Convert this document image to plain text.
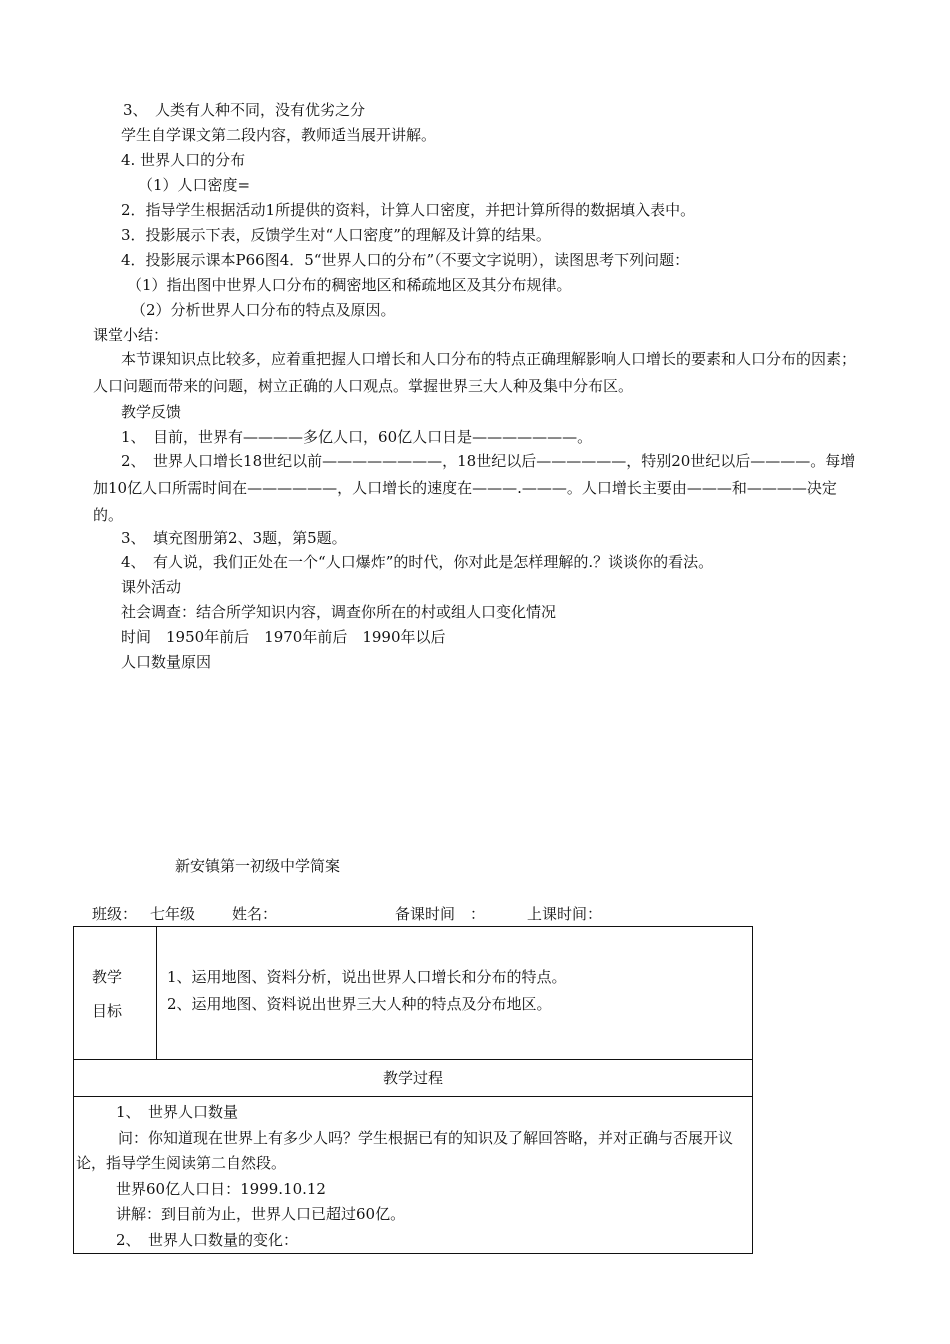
3、　人类有人种不同，没有优劣之分
学生自学课文第二段内容，教师适当展开讲解。
4. 世界人口的分布
（1）人口密度=
2．指导学生根据活动1所提供的资料，计算人口密度，并把计算所得的数据填入表中。
3．投影展示下表，反馈学生对“人口密度”的理解及计算的结果。
4．投影展示课本P66图4．5“世界人口的分布”（不要文字说明），读图思考下列问题：
（1）指出图中世界人口分布的稠密地区和稀疏地区及其分布规律。
（2）分析世界人口分布的特点及原因。
课堂小结：
本节课知识点比较多，应着重把握人口增长和人口分布的特点正确理解影响人口增长的要素和人口分布的因素；人口问题而带来的问题，树立正确的人口观点。掌握世界三大人种及集中分布区。
教学反馈
1、　目前，世界有————多亿人口，60亿人口日是———————。
2、　世界人口增长18世纪以前————————，18世纪以后——————，特别20世纪以后————。每增加10亿人口所需时间在——————，人口增长的速度在———.———。人口增长主要由———和————决定的。
3、　填充图册第2、3题，第5题。
4、　有人说，我们正处在一个“人口爆炸”的时代，你对此是怎样理解的.？谈谈你的看法。
课外活动
社会调查：结合所学知识内容，调查你所在的村或组人口变化情况
时间　1950年前后　1970年前后　1990年以后
人口数量原因
新安镇第一初级中学简案
班级： 七年级 姓名：	备课时间　：	上课时间：
教学
目标

1、运用地图、资料分析，说出世界人口增长和分布的特点。
2、运用地图、资料说出世界三大人种的特点及分布地区。

教学过程

1、　世界人口数量
问：你知道现在世界上有多少人吗？学生根据已有的知识及了解回答略，并对正确与否展开议论，指导学生阅读第二自然段。
世界60亿人口日：1999.10.12
讲解：到目前为止，世界人口已超过60亿。
2、　世界人口数量的变化：
